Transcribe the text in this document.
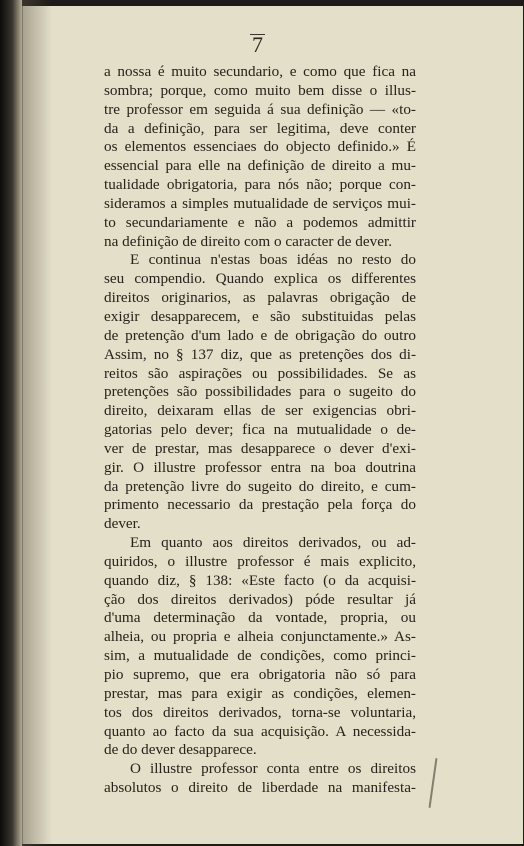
7
a nossa é muito secundario, e como que fica na
sombra; porque, como muito bem disse o illus-
tre professor em seguida á sua definição — «to-
da a definição, para ser legitima, deve conter
os elementos essenciaes do objecto definido.» É
essencial para elle na definição de direito a mu-
tualidade obrigatoria, para nós não; porque con-
sideramos a simples mutualidade de serviços mui-
to secundariamente e não a podemos admittir
na definição de direito com o caracter de dever.
E continua n'estas boas idéas no resto do
seu compendio. Quando explica os differentes
direitos originarios, as palavras obrigação de
exigir desapparecem, e são substituidas pelas
de pretenção d'um lado e de obrigação do outro
Assim, no § 137 diz, que as pretenções dos di-
reitos são aspirações ou possibilidades. Se as
pretenções são possibilidades para o sugeito do
direito, deixaram ellas de ser exigencias obri-
gatorias pelo dever; fica na mutualidade o de-
ver de prestar, mas desapparece o dever d'exi-
gir. O illustre professor entra na boa doutrina
da pretenção livre do sugeito do direito, e cum-
primento necessario da prestação pela força do
dever.
Em quanto aos direitos derivados, ou ad-
quiridos, o illustre professor é mais explicito,
quando diz, § 138: «Este facto (o da acquisi-
ção dos direitos derivados) póde resultar já
d'uma determinação da vontade, propria, ou
alheia, ou propria e alheia conjunctamente.» As-
sim, a mutualidade de condições, como princi-
pio supremo, que era obrigatoria não só para
prestar, mas para exigir as condições, elemen-
tos dos direitos derivados, torna-se voluntaria,
quanto ao facto da sua acquisição. A necessida-
de do dever desapparece.
O illustre professor conta entre os direitos
absolutos o direito de liberdade na manifesta-
